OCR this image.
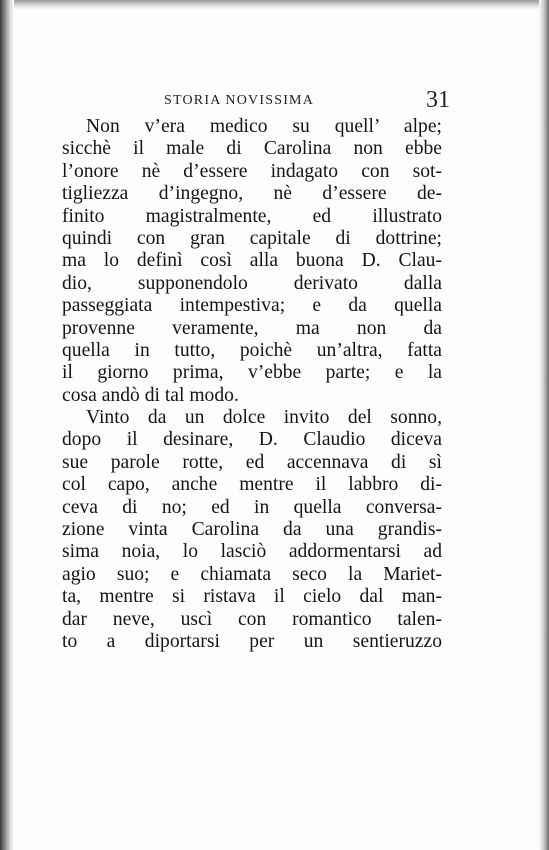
STORIA NOVISSIMA	31
Non v’era medico su quell’ alpe;
sicchè il male di Carolina non ebbe
l’onore nè d’essere indagato con sot-
tigliezza d’ingegno, nè d’essere de-
finito magistralmente, ed illustrato
quindi con gran capitale di dottrine;
ma lo definì così alla buona D. Clau-
dio, supponendolo derivato dalla
passeggiata intempestiva; e da quella
provenne veramente, ma non da
quella in tutto, poichè un’altra, fatta
il giorno prima, v’ebbe parte; e la
cosa andò di tal modo.
Vinto da un dolce invito del sonno,
dopo il desinare, D. Claudio diceva
sue parole rotte, ed accennava di sì
col capo, anche mentre il labbro di-
ceva di no; ed in quella conversa-
zione vinta Carolina da una grandis-
sima noia, lo lasciò addormentarsi ad
agio suo; e chiamata seco la Mariet-
ta, mentre si ristava il cielo dal man-
dar neve, uscì con romantico talen-
to a diportarsi per un sentieruzzo
